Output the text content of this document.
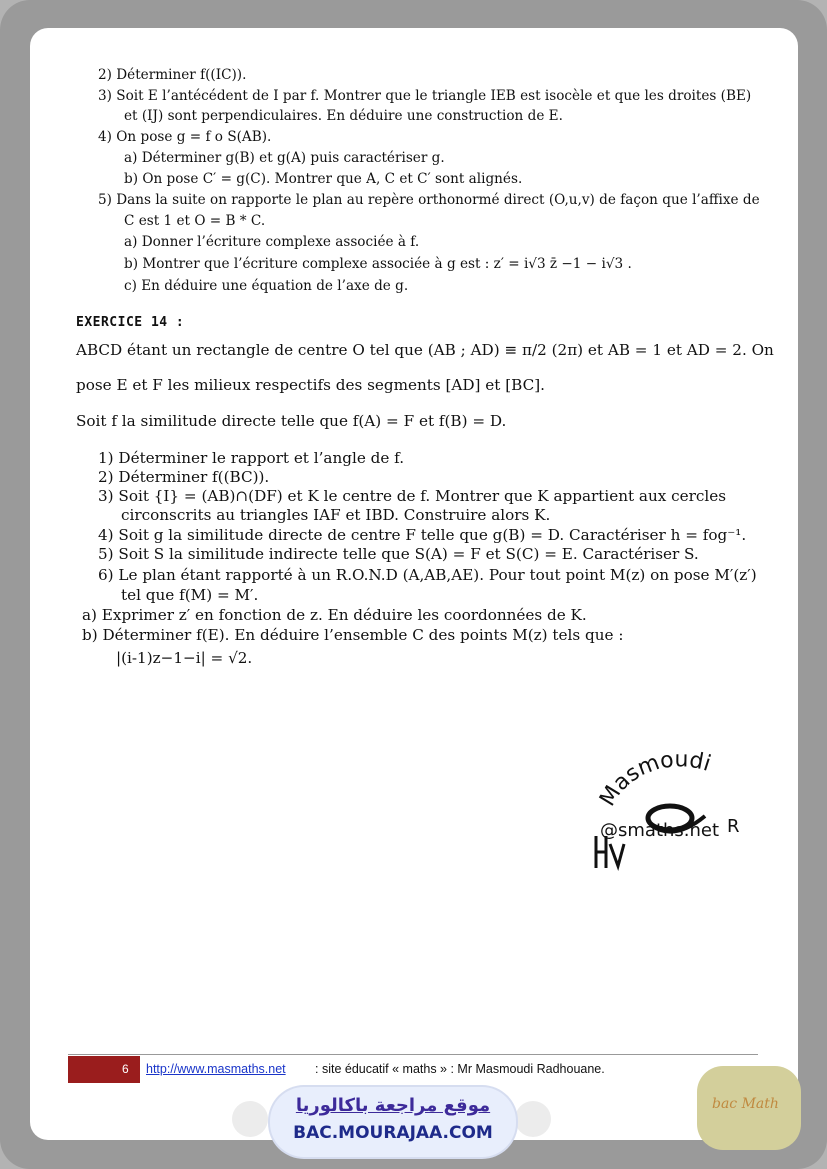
2) Déterminer f((IC)).
3) Soit E l’antécédent de I par f. Montrer que le triangle IEB est isocèle et que les droites (BE)
et (IJ) sont perpendiculaires. En déduire une construction de E.
4) On pose g = f o S(AB).
a) Déterminer g(B) et g(A) puis caractériser g.
b) On pose C′ = g(C). Montrer que A, C et C′ sont alignés.
5) Dans la suite on rapporte le plan au repère orthonormé direct (O,u,v) de façon que l’affixe de
C est 1 et O = B * C.
a) Donner l’écriture complexe associée à f.
b) Montrer que l’écriture complexe associée à g est : z′ = i√3 z̄ −1 − i√3 .
c) En déduire une équation de l’axe de g.
EXERCICE 14 :
ABCD étant un rectangle de centre O tel que (AB ; AD) ≡ π/2 (2π) et AB = 1 et AD = 2. On
pose E et F les milieux respectifs des segments [AD] et [BC].
Soit f la similitude directe telle que f(A) = F et f(B) = D.
1) Déterminer le rapport et l’angle de f.
2) Déterminer f((BC)).
3) Soit {I} = (AB)∩(DF) et K le centre de f. Montrer que K appartient aux cercles
circonscrits au triangles IAF et IBD. Construire alors K.
4) Soit g la similitude directe de centre F telle que g(B) = D. Caractériser h = fog⁻¹.
5) Soit S la similitude indirecte telle que S(A) = F et S(C) = E. Caractériser S.
6) Le plan étant rapporté à un R.O.N.D (A,AB,AE). Pour tout point M(z) on pose M′(z′)
tel que f(M) = M′.
a) Exprimer z′ en fonction de z. En déduire les coordonnées de K.
b) Déterminer f(E). En déduire l’ensemble C des points M(z) tels que :
|(i-1)z−1−i| = √2.
Masmoudi
R
@smaths.net
6 http://www.masmaths.net : site éducatif « maths » : Mr Masmoudi Radhouane.
موقع مراجعة باكالوريا
BAC.MOURAJAA.COM
bac Math
